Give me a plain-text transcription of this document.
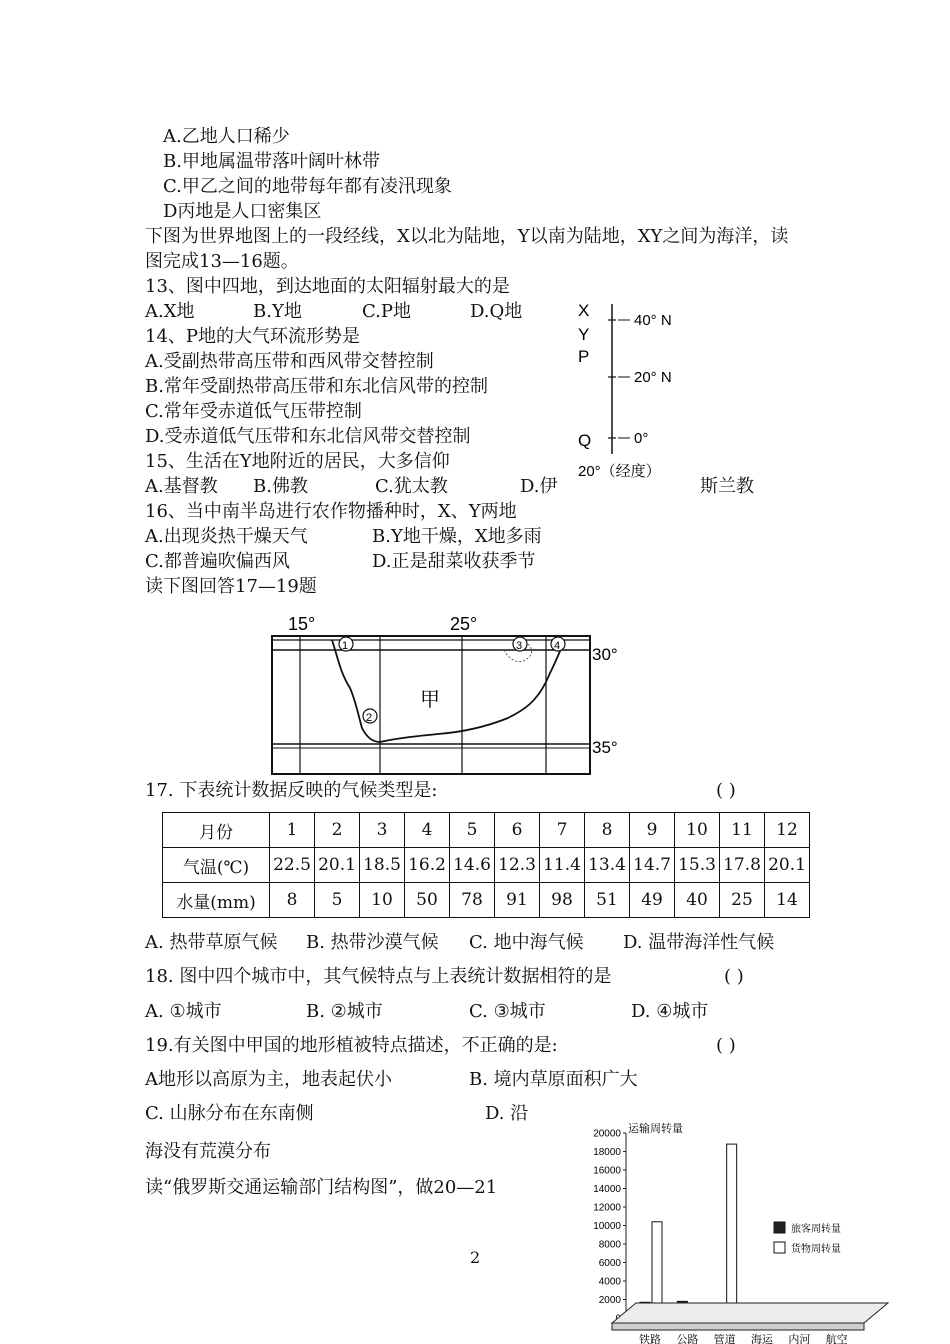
A.乙地人口稀少
B.甲地属温带落叶阔叶林带
C.甲乙之间的地带每年都有凌汛现象
D丙地是人口密集区
下图为世界地图上的一段经线，X以北为陆地，Y以南为陆地，XY之间为海洋，读
图完成13—16题。
13、图中四地，到达地面的太阳辐射最大的是
A.X地	B.Y地	C.P地	D.Q地
14、P地的大气环流形势是
A.受副热带高压带和西风带交替控制
B.常年受副热带高压带和东北信风带的控制
C.常年受赤道低气压带控制
D.受赤道低气压带和东北信风带交替控制
15、生活在Y地附近的居民，大多信仰
A.基督教 B.佛教	C.犹太教	D.伊	斯兰教
16、当中南半岛进行农作物播种时，X、Y两地
A.出现炎热干燥天气	B.Y地干燥，X地多雨
C.都普遍吹偏西风	D.正是甜菜收获季节
X
Y
P
Q
40° N
20° N
0°
20°（经度）
读下图回答17—19题
15°	25°
30°
35°
甲
1
2
3	4
17. 下表统计数据反映的气候类型是:	( )
月份	1	2	3	4	5	6	7	8	9	10	11	12
气温(℃)	22.5	20.1	18.5	16.2	14.6	12.3	11.4	13.4	14.7	15.3	17.8	20.1
水量(mm)	8	5	10	50	78	91	98	51	49	40	25	14
A. 热带草原气候 B. 热带沙漠气候 C. 地中海气候 D. 温带海洋性气候
18. 图中四个城市中，其气候特点与上表统计数据相符的是	( )
A. ①城市	B. ②城市	C. ③城市	D. ④城市
19.有关图中甲国的地形植被特点描述，不正确的是:	( )
A地形以高原为主，地表起伏小	B. 境内草原面积广大
C. 山脉分布在东南侧	D. 沿
海没有荒漠分布
读“俄罗斯交通运输部门结构图”，做20—21
2
运输周转量
2000
4000
6000
8000
10000
12000
14000
16000
18000
20000
铁路 公路 管道 海运 内河 航空
旅客周转量
货物周转量
